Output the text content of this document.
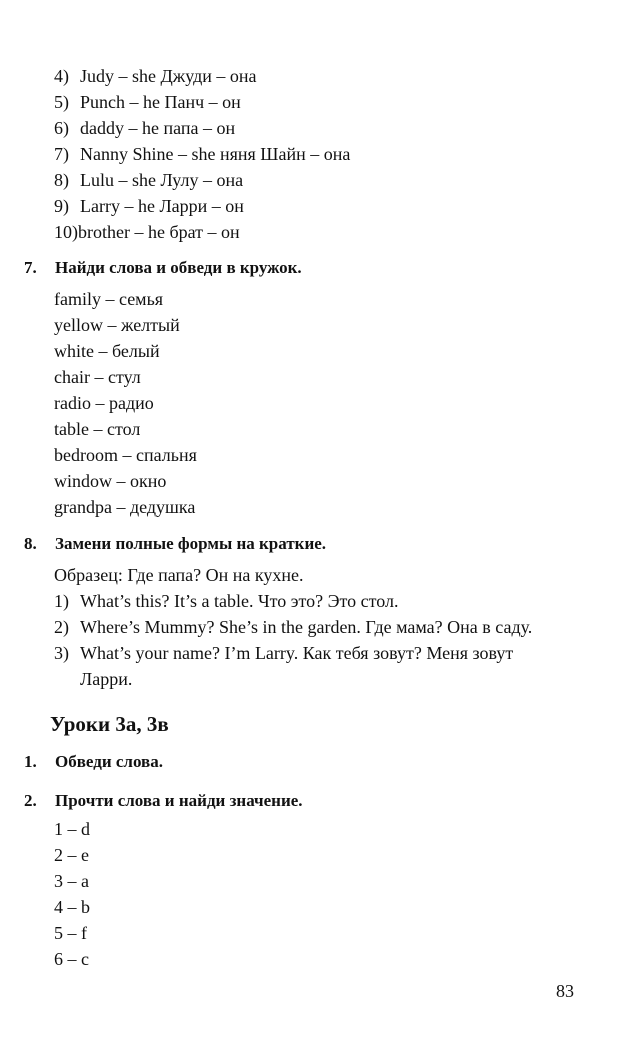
4) Judy – she Джуди – она
5) Punch – he Панч – он
6) daddy – he папа – он
7) Nanny Shine – she няня Шайн – она
8) Lulu – she Лулу – она
9) Larry – he Ларри – он
10)brother – he брат – он
7. Найди слова и обведи в кружок.
family – семья
yellow – желтый
white – белый
chair – стул
radio – радио
table – стол
bedroom – спальня
window – окно
grandpa – дедушка
8. Замени полные формы на краткие.
Образец: Где папа? Он на кухне.
1) What’s this? It’s a table. Что это? Это стол.
2) Where’s Mummy? She’s in the garden. Где мама? Она в саду.
3) What’s your name? I’m Larry. Как тебя зовут? Меня зовут
Ларри.
Уроки 3а, 3в
1. Обведи слова.
2. Прочти слова и найди значение.
1 – d
2 – e
3 – a
4 – b
5 – f
6 – c
83
